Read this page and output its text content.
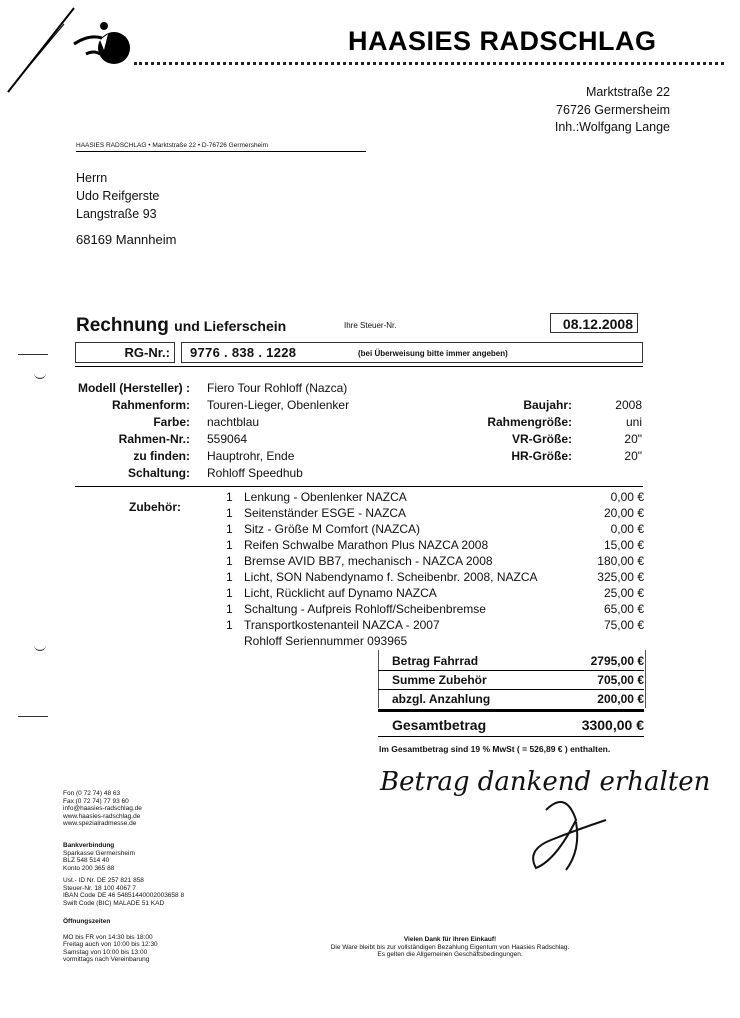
HAASIES RADSCHLAG
Marktstraße 22
76726 Germersheim
Inh.:Wolfgang Lange
HAASIES RADSCHLAG • Marktstraße 22 • D-76726 Germersheim
Herrn
Udo Reifgerste
Langstraße 93
68169 Mannheim
Rechnung und Lieferschein	Ihre Steuer-Nr.	08.12.2008
RG-Nr.:	9776 . 838 . 1228	(bei Überweisung bitte immer angeben)
Modell (Hersteller) : Fiero Tour Rohloff (Nazca)
Rahmenform: Touren-Lieger, Obenlenker
Farbe: nachtblau
Rahmen-Nr.: 559064
zu finden: Hauptrohr, Ende
Schaltung: Rohloff Speedhub
Baujahr:	2008
Rahmengröße:	uni
VR-Größe:	20"
HR-Größe:	20"
Zubehör:
1 Lenkung - Obenlenker NAZCA	0,00 €
1 Seitenständer ESGE - NAZCA	20,00 €
1 Sitz - Größe M Comfort (NAZCA)	0,00 €
1 Reifen Schwalbe Marathon Plus NAZCA 2008	15,00 €
1 Bremse AVID BB7, mechanisch - NAZCA 2008	180,00 €
1 Licht, SON Nabendynamo f. Scheibenbr. 2008, NAZCA	325,00 €
1 Licht, Rücklicht auf Dynamo NAZCA	25,00 €
1 Schaltung - Aufpreis Rohloff/Scheibenbremse	65,00 €
1 Transportkostenanteil NAZCA - 2007	75,00 €
Rohloff Seriennummer 093965
Betrag Fahrrad	2795,00 €
Summe Zubehör	705,00 €
abzgl. Anzahlung	200,00 €
Gesamtbetrag	3300,00 €
Im Gesamtbetrag sind 19 % MwSt ( = 526,89 € ) enthalten.
Betrag dankend erhalten
Fon (0 72 74) 48 63
Fax (0 72 74) 77 93 60
info@haasies-radschlag.de
www.haasies-radschlag.de
www.spezialradmesse.de
Bankverbindung
Sparkasse Germersheim
BLZ 548 514 40
Konto 200 365 88
Ust.- ID Nr. DE 257 821 858
Steuer-Nr. 18 100 4067 7
IBAN Code DE 46 54851440002003658 8
Swift Code (BIC) MALADE 51 KAD
Öffnungszeiten
MO bis FR von 14:30 bis 18:00
Freitag auch von 10:00 bis 12:30
Samstag von 10:00 bis 13:00
vormittags nach Vereinbarung
Vielen Dank für Ihren Einkauf!
Die Ware bleibt bis zur vollständigen Bezahlung Eigentum von Haasies Radschlag.
Es gelten die Allgemeinen Geschäftsbedingungen.
